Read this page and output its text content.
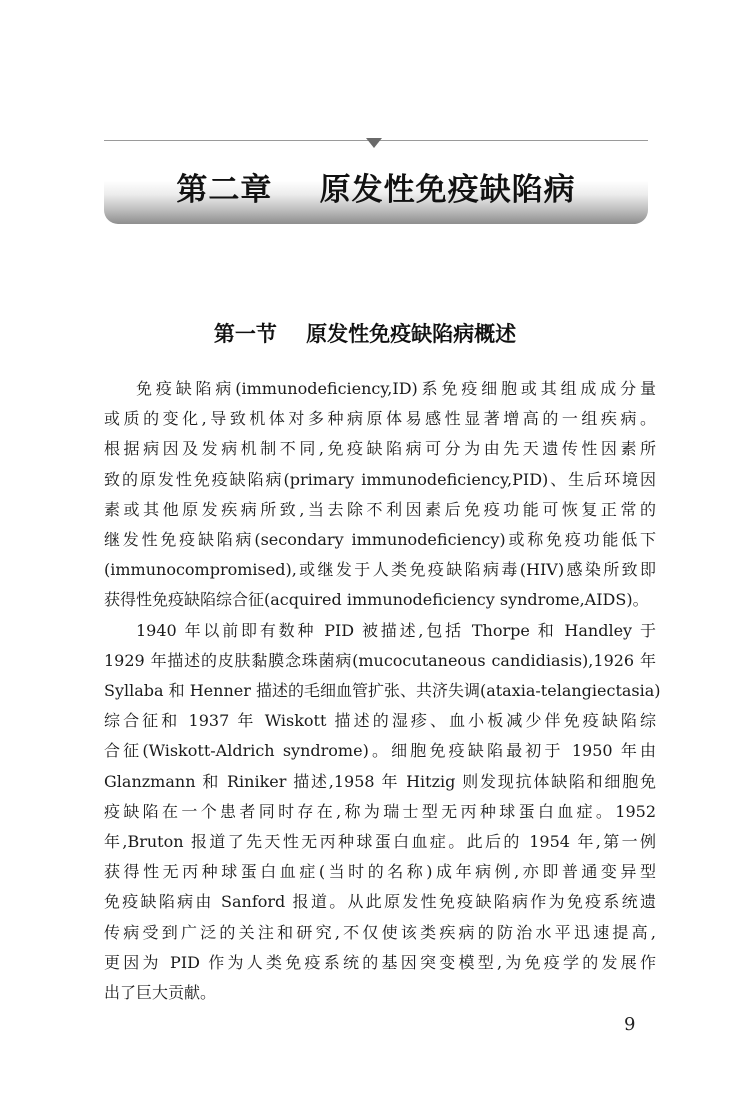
第二章    原发性免疫缺陷病
第一节    原发性免疫缺陷病概述
免疫缺陷病(immunodeficiency,ID)系免疫细胞或其组成成分量
或质的变化,导致机体对多种病原体易感性显著增高的一组疾病。
根据病因及发病机制不同,免疫缺陷病可分为由先天遗传性因素所
致的原发性免疫缺陷病(primary immunodeficiency,PID)、生后环境因
素或其他原发疾病所致,当去除不利因素后免疫功能可恢复正常的
继发性免疫缺陷病(secondary immunodeficiency)或称免疫功能低下
(immunocompromised),或继发于人类免疫缺陷病毒(HIV)感染所致即
获得性免疫缺陷综合征(acquired immunodeficiency syndrome,AIDS)。
1940 年以前即有数种 PID 被描述,包括 Thorpe 和 Handley 于
1929 年描述的皮肤黏膜念珠菌病(mucocutaneous candidiasis),1926 年
Syllaba 和 Henner 描述的毛细血管扩张、共济失调(ataxia-telangiectasia)
综合征和 1937 年 Wiskott 描述的湿疹、血小板减少伴免疫缺陷综
合征(Wiskott-Aldrich syndrome)。细胞免疫缺陷最初于 1950 年由
Glanzmann 和 Riniker 描述,1958 年 Hitzig 则发现抗体缺陷和细胞免
疫缺陷在一个患者同时存在,称为瑞士型无丙种球蛋白血症。1952
年,Bruton 报道了先天性无丙种球蛋白血症。此后的 1954 年,第一例
获得性无丙种球蛋白血症(当时的名称)成年病例,亦即普通变异型
免疫缺陷病由 Sanford 报道。从此原发性免疫缺陷病作为免疫系统遗
传病受到广泛的关注和研究,不仅使该类疾病的防治水平迅速提高,
更因为 PID 作为人类免疫系统的基因突变模型,为免疫学的发展作
出了巨大贡献。
9
